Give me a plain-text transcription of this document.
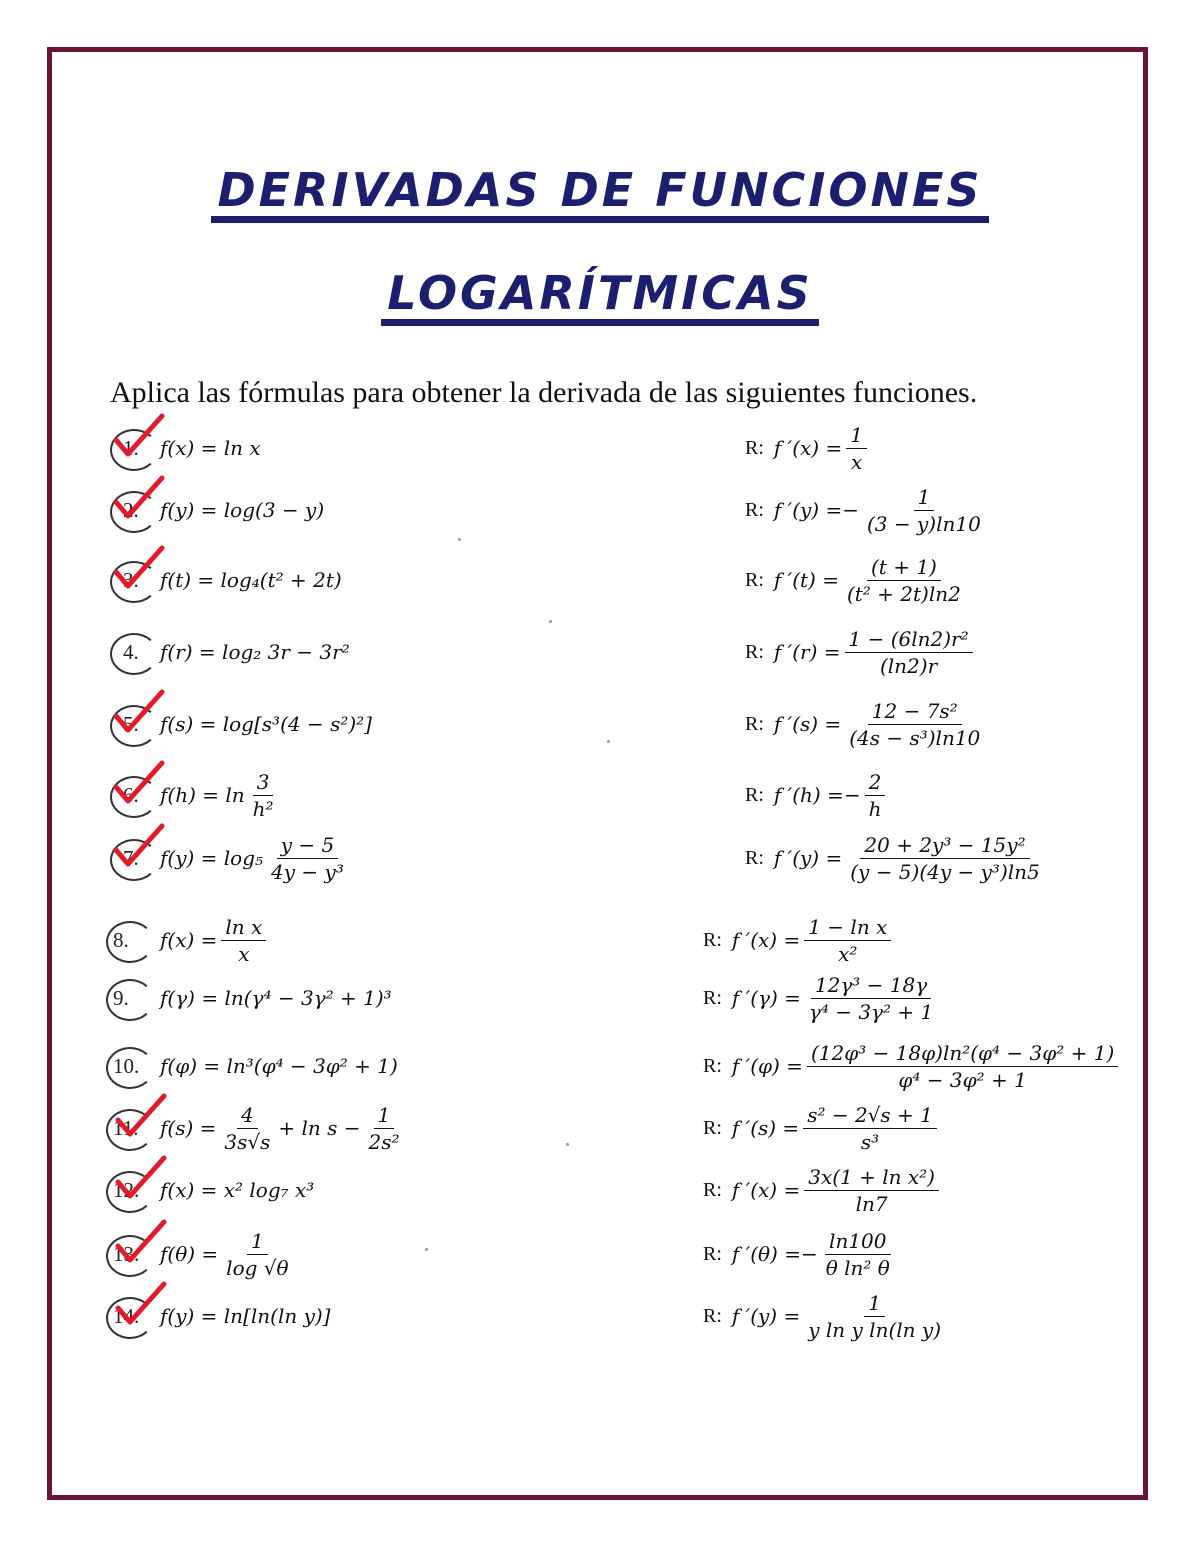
DERIVADAS DE FUNCIONES
LOGARÍTMICAS
Aplica las fórmulas para obtener la derivada de las siguientes funciones.
1. f(x) = ln x	R: f $'(x) = \frac{1}{x}$
2. f(y) = log(3 − y)	R: f ′(y) = − $\frac{1}{(3 - y)\ln 10}$
3. f(t) = log₄(t² + 2t)	R: f $'(t) = \frac{(t + 1)}{\text{(t² + 2t)ln2}}$
4. f(r) = log₂ 3r − 3r²	R: f $'(r) = \frac{\text{1 − (6ln2)r²}}{(\ln 2)r}$
5. f(s) = log[s³(4 − s²)²]	R: f $'(s) = \frac{\text{12 − 7s²}}{\text{(4s − s³)ln10}}$
6. $f(h) = \ln \frac{3}{\text{h²}}$	R: f ′(h) = − $\frac{2}{h}$
7. $f(y) = \log_5 \frac{y - 5}{\text{4y − y³}}$	R: f $'(y) = \frac{\text{20 + 2y³ − 15y²}}{\text{(y − 5)(4y − y³)ln5}}$
8. $f(x) = \frac{\text{ln x}}{x}$	R: f $'(x) = \frac{\text{1 − ln x}}{\text{x²}}$
9. f(γ) = ln(γ⁴ − 3γ² + 1)³	R: f $'(\gamma) = \frac{\text{12γ³ − 18γ}}{\text{γ⁴ − 3γ² + 1}}$
10. f(φ) = ln³(φ⁴ − 3φ² + 1)	R: f $'(\varphi) = \frac{\text{(12φ³ − 18φ)ln²(φ⁴ − 3φ² + 1)}}{\text{φ⁴ − 3φ² + 1}}$
11. $f(s) = \frac{4}{3s√s} + \ln s - \frac{1}{\text{2s²}}$	R: f $'(s) = \frac{\text{s² − 2√s + 1}}{\text{s³}}$
12. f(x) = x² log₇ x³	R: f $'(x) = \frac{\text{3x(1 + ln x²)}}{\ln 7}$
13. $f(\theta) = \frac{1}{\log √\theta}$	R: f ′(θ) = − $\frac{\ln 100}{\text{θ ln² θ}}$
14. f(y) = ln[ln(ln y)]	R: f $'(y) = \frac{1}{\text{y ln y ln(ln y)}}$
